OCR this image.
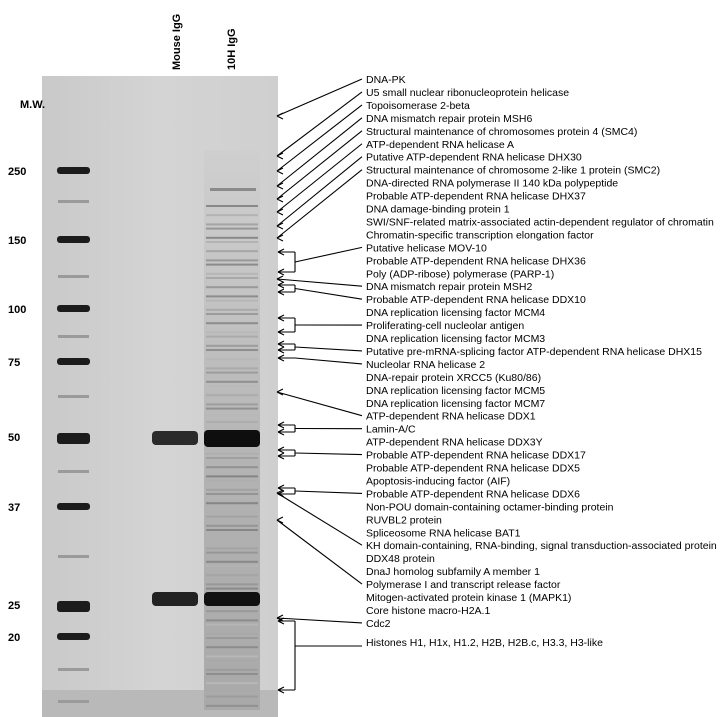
M.W.
Mouse IgG	10H IgG
250
150
100
75
50
37
25
20
DNA-PK
U5 small nuclear ribonucleoprotein helicase
Topoisomerase 2-beta
DNA mismatch repair protein MSH6
Structural maintenance of chromosomes protein 4 (SMC4)
ATP-dependent RNA helicase A
Putative ATP-dependent RNA helicase DHX30
Structural maintenance of chromosome 2-like 1 protein (SMC2)
DNA-directed RNA polymerase II 140 kDa polypeptide
Probable ATP-dependent RNA helicase DHX37
DNA damage-binding protein 1
SWI/SNF-related matrix-associated actin-dependent regulator of chromatin
Chromatin-specific transcription elongation factor
Putative helicase MOV-10
Probable ATP-dependent RNA helicase DHX36
Poly (ADP-ribose) polymerase (PARP-1)
DNA mismatch repair protein MSH2
Probable ATP-dependent RNA helicase DDX10
DNA replication licensing factor MCM4
Proliferating-cell nucleolar antigen
DNA replication licensing factor MCM3
Putative pre-mRNA-splicing factor ATP-dependent RNA helicase DHX15
Nucleolar RNA helicase 2
DNA-repair protein XRCC5 (Ku80/86)
DNA replication licensing factor MCM5
DNA replication licensing factor MCM7
ATP-dependent RNA helicase DDX1
Lamin-A/C
ATP-dependent RNA helicase DDX3Y
Probable ATP-dependent RNA helicase DDX17
Probable ATP-dependent RNA helicase DDX5
Apoptosis-inducing factor (AIF)
Probable ATP-dependent RNA helicase DDX6
Non-POU domain-containing octamer-binding protein
RUVBL2 protein
Spliceosome RNA helicase BAT1
KH domain-containing, RNA-binding, signal transduction-associated protein
DDX48 protein
DnaJ homolog subfamily A member 1
Polymerase I and transcript release factor
Mitogen-activated protein kinase 1 (MAPK1)
Core histone macro-H2A.1
Cdc2
Histones H1, H1x, H1.2, H2B, H2B.c, H3.3, H3-like
